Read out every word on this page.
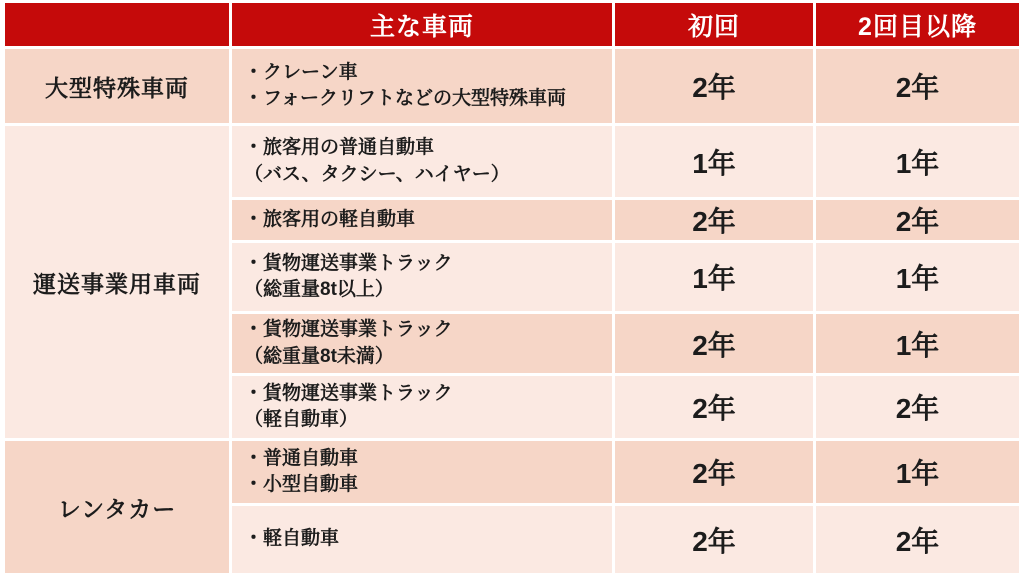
	主な車両	初回	2回目以降
大型特殊車両	・クレーン車
・フォークリフトなどの大型特殊車両	2年	2年
運送事業用車両	・旅客用の普通自動車
（バス、タクシー、ハイヤー）	1年	1年

	・旅客用の軽自動車	2年	2年

	・貨物運送事業トラック
（総重量8t以上）	1年	1年

	・貨物運送事業トラック
（総重量8t未満）	2年	1年

	・貨物運送事業トラック
（軽自動車）	2年	2年
レンタカー	・普通自動車
・小型自動車	2年	1年

	・軽自動車	2年	2年
